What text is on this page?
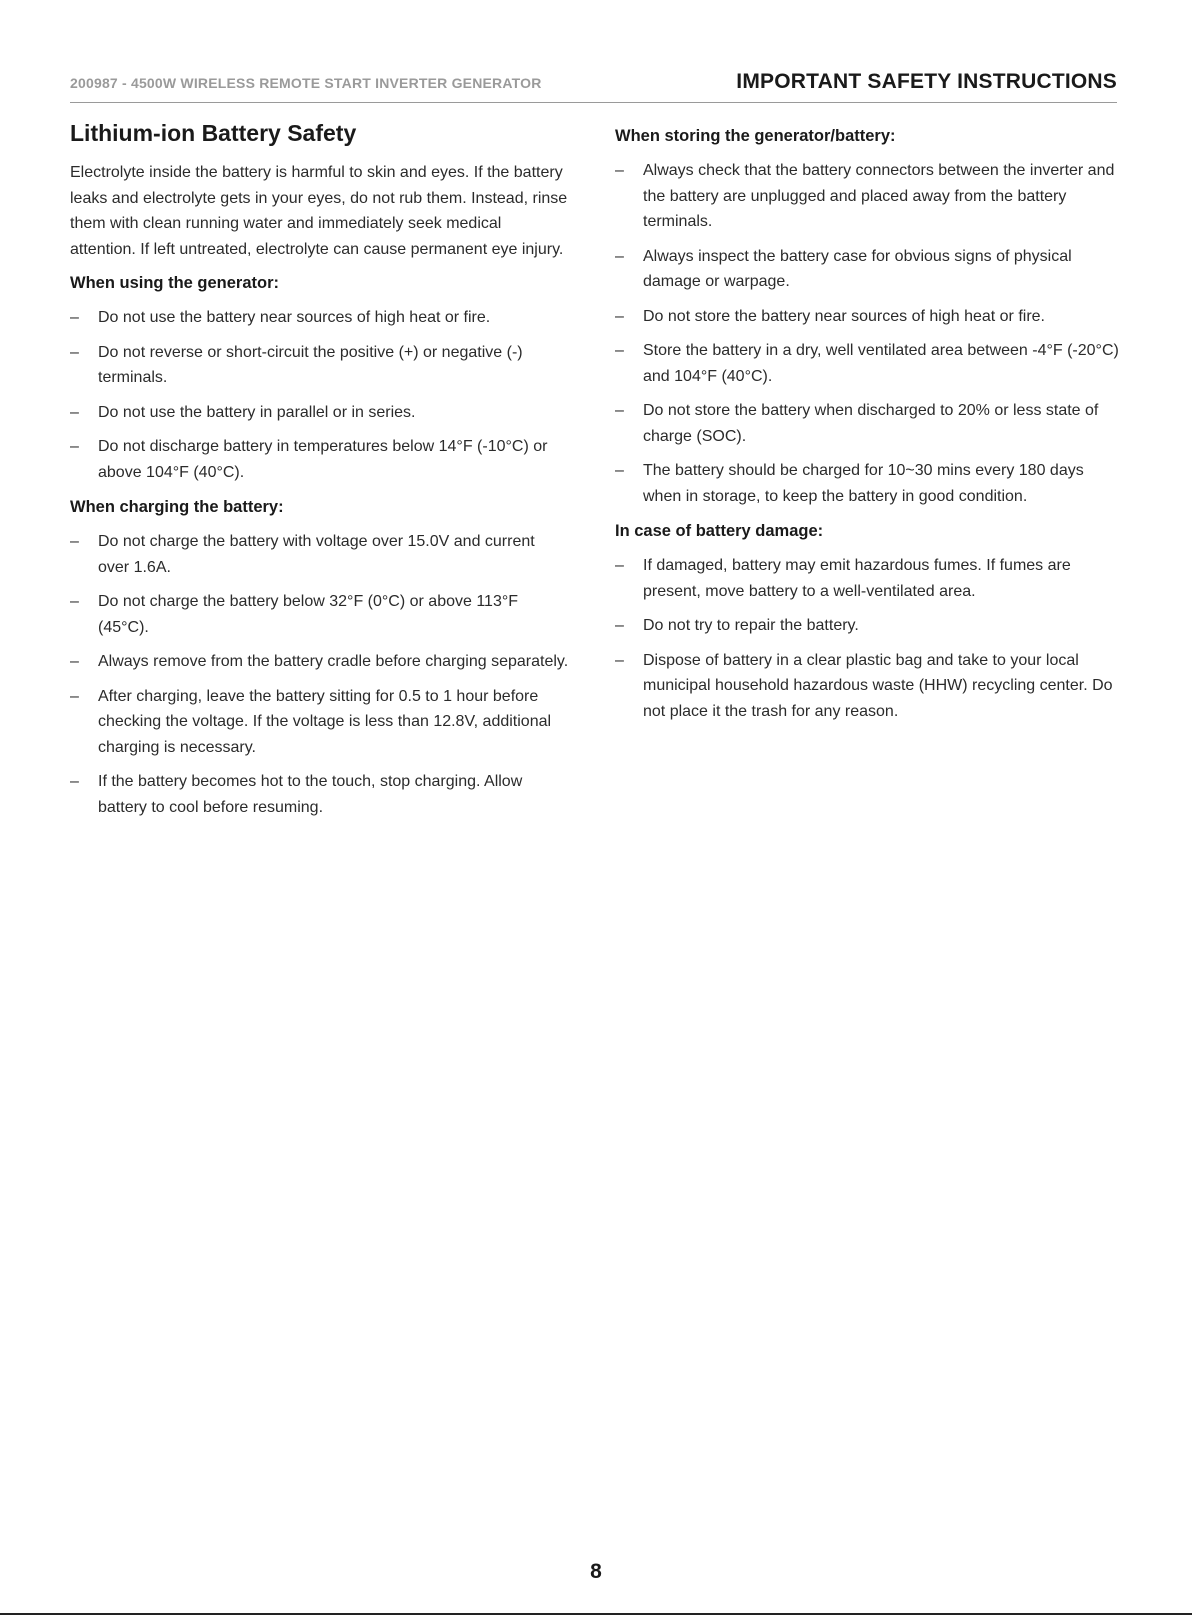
200987 - 4500W WIRELESS REMOTE START INVERTER GENERATOR	IMPORTANT SAFETY INSTRUCTIONS
Lithium-ion Battery Safety

Electrolyte inside the battery is harmful to skin and eyes. If the battery leaks and electrolyte gets in your eyes, do not rub them. Instead, rinse them with clean running water and immediately seek medical attention. If left untreated, electrolyte can cause permanent eye injury.

When using the generator:
– Do not use the battery near sources of high heat or fire.
– Do not reverse or short-circuit the positive (+) or negative (-) terminals.
– Do not use the battery in parallel or in series.
– Do not discharge battery in temperatures below 14°F (-10°C) or above 104°F (40°C).
When charging the battery:
– Do not charge the battery with voltage over 15.0V and current over 1.6A.
– Do not charge the battery below 32°F (0°C) or above 113°F (45°C).
– Always remove from the battery cradle before charging separately.
– After charging, leave the battery sitting for 0.5 to 1 hour before checking the voltage. If the voltage is less than 12.8V, additional charging is necessary.
– If the battery becomes hot to the touch, stop charging. Allow battery to cool before resuming.
When storing the generator/battery:
– Always check that the battery connectors between the inverter and the battery are unplugged and placed away from the battery terminals.
– Always inspect the battery case for obvious signs of physical damage or warpage.
– Do not store the battery near sources of high heat or fire.
– Store the battery in a dry, well ventilated area between -4°F (-20°C) and 104°F (40°C).
– Do not store the battery when discharged to 20% or less state of charge (SOC).
– The battery should be charged for 10~30 mins every 180 days when in storage, to keep the battery in good condition.
In case of battery damage:
– If damaged, battery may emit hazardous fumes. If fumes are present, move battery to a well-ventilated area.
– Do not try to repair the battery.
– Dispose of battery in a clear plastic bag and take to your local municipal household hazardous waste (HHW) recycling center. Do not place it the trash for any reason.
8
